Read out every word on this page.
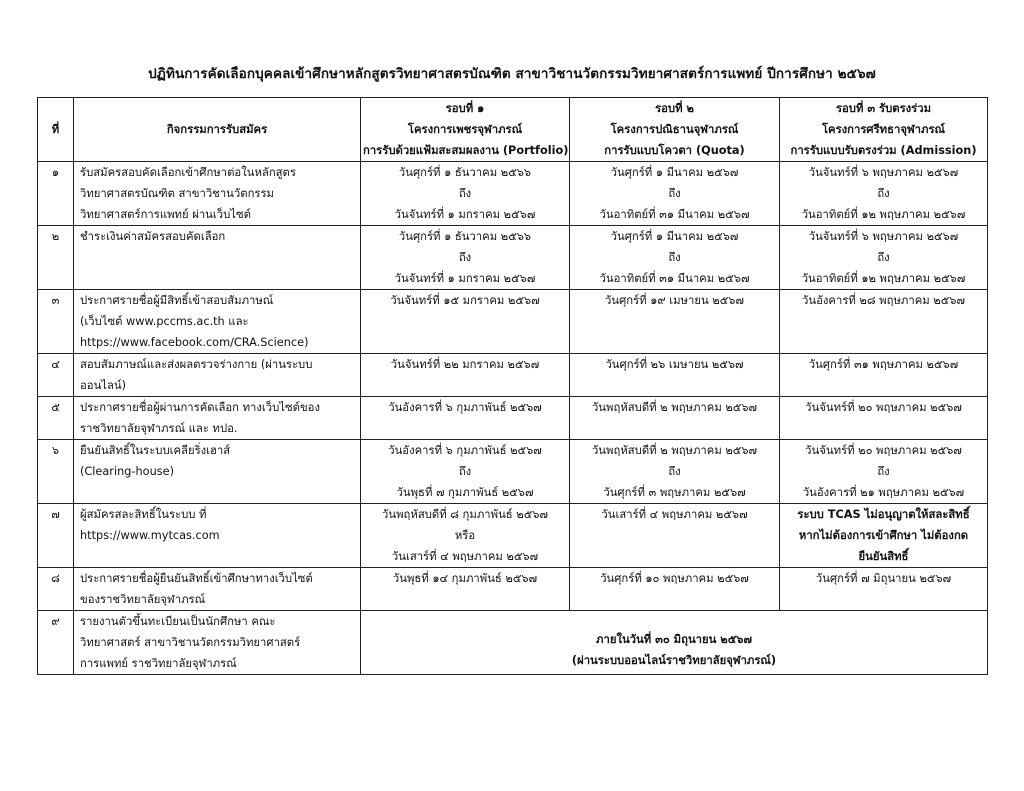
ปฏิทินการคัดเลือกบุคคลเข้าศึกษาหลักสูตรวิทยาศาสตรบัณฑิต สาขาวิชานวัตกรรมวิทยาศาสตร์การแพทย์ ปีการศึกษา ๒๕๖๗
ที่	กิจกรรมการรับสมัคร	รอบที่ ๑
โครงการเพชรจุฬาภรณ์
การรับด้วยแฟ้มสะสมผลงาน (Portfolio)	รอบที่ ๒
โครงการปณิธานจุฬาภรณ์
การรับแบบโควตา (Quota)	รอบที่ ๓ รับตรงร่วม
โครงการศรีทธาจุฬาภรณ์
การรับแบบรับตรงร่วม (Admission)

๑	รับสมัครสอบคัดเลือกเข้าศึกษาต่อในหลักสูตร
วิทยาศาสตรบัณฑิต สาขาวิชานวัตกรรม
วิทยาศาสตร์การแพทย์ ผ่านเว็บไซต์	วันศุกร์ที่ ๑ ธันวาคม ๒๕๖๖
ถึง
วันจันทร์ที่ ๑ มกราคม ๒๕๖๗	วันศุกร์ที่ ๑ มีนาคม ๒๕๖๗
ถึง
วันอาทิตย์ที่ ๓๑ มีนาคม ๒๕๖๗	วันจันทร์ที่ ๖ พฤษภาคม ๒๕๖๗
ถึง
วันอาทิตย์ที่ ๑๒ พฤษภาคม ๒๕๖๗

๒	ชำระเงินค่าสมัครสอบคัดเลือก	วันศุกร์ที่ ๑ ธันวาคม ๒๕๖๖
ถึง
วันจันทร์ที่ ๑ มกราคม ๒๕๖๗	วันศุกร์ที่ ๑ มีนาคม ๒๕๖๗
ถึง
วันอาทิตย์ที่ ๓๑ มีนาคม ๒๕๖๗	วันจันทร์ที่ ๖ พฤษภาคม ๒๕๖๗
ถึง
วันอาทิตย์ที่ ๑๒ พฤษภาคม ๒๕๖๗

๓	ประกาศรายชื่อผู้มีสิทธิ์เข้าสอบสัมภาษณ์
(เว็บไซต์ www.pccms.ac.th และ
https://www.facebook.com/CRA.Science)	วันจันทร์ที่ ๑๕ มกราคม ๒๕๖๗	วันศุกร์ที่ ๑๙ เมษายน ๒๕๖๗	วันอังคารที่ ๒๘ พฤษภาคม ๒๕๖๗

๔	สอบสัมภาษณ์และส่งผลตรวจร่างกาย (ผ่านระบบ
ออนไลน์)	วันจันทร์ที่ ๒๒ มกราคม ๒๕๖๗	วันศุกร์ที่ ๒๖ เมษายน ๒๕๖๗	วันศุกร์ที่ ๓๑ พฤษภาคม ๒๕๖๗

๕	ประกาศรายชื่อผู้ผ่านการคัดเลือก ทางเว็บไซต์ของ
ราชวิทยาลัยจุฬาภรณ์ และ ทปอ.	วันอังคารที่ ๖ กุมภาพันธ์ ๒๕๖๗	วันพฤหัสบดีที่ ๒ พฤษภาคม ๒๕๖๗	วันจันทร์ที่ ๒๐ พฤษภาคม ๒๕๖๗

๖	ยืนยันสิทธิ์ในระบบเคลียริ่งเฮาส์
(Clearing-house)	วันอังคารที่ ๖ กุมภาพันธ์ ๒๕๖๗
ถึง
วันพุธที่ ๗ กุมภาพันธ์ ๒๕๖๗	วันพฤหัสบดีที่ ๒ พฤษภาคม ๒๕๖๗
ถึง
วันศุกร์ที่ ๓ พฤษภาคม ๒๕๖๗	วันจันทร์ที่ ๒๐ พฤษภาคม ๒๕๖๗
ถึง
วันอังคารที่ ๒๑ พฤษภาคม ๒๕๖๗

๗	ผู้สมัครสละสิทธิ์ในระบบ ที่
https://www.mytcas.com	วันพฤหัสบดีที่ ๘ กุมภาพันธ์ ๒๕๖๗
หรือ
วันเสาร์ที่ ๔ พฤษภาคม ๒๕๖๗	วันเสาร์ที่ ๔ พฤษภาคม ๒๕๖๗	ระบบ TCAS ไม่อนุญาตให้สละสิทธิ์
หากไม่ต้องการเข้าศึกษา ไม่ต้องกด
ยืนยันสิทธิ์

๘	ประกาศรายชื่อผู้ยืนยันสิทธิ์เข้าศึกษาทางเว็บไซต์
ของราชวิทยาลัยจุฬาภรณ์	วันพุธที่ ๑๔ กุมภาพันธ์ ๒๕๖๗	วันศุกร์ที่ ๑๐ พฤษภาคม ๒๕๖๗	วันศุกร์ที่ ๗ มิถุนายน ๒๕๖๗

๙	รายงานตัวขึ้นทะเบียนเป็นนักศึกษา คณะ
วิทยาศาสตร์ สาขาวิชานวัตกรรมวิทยาศาสตร์
การแพทย์ ราชวิทยาลัยจุฬาภรณ์	ภายในวันที่ ๓๐ มิถุนายน ๒๕๖๗
(ผ่านระบบออนไลน์ราชวิทยาลัยจุฬาภรณ์)		
